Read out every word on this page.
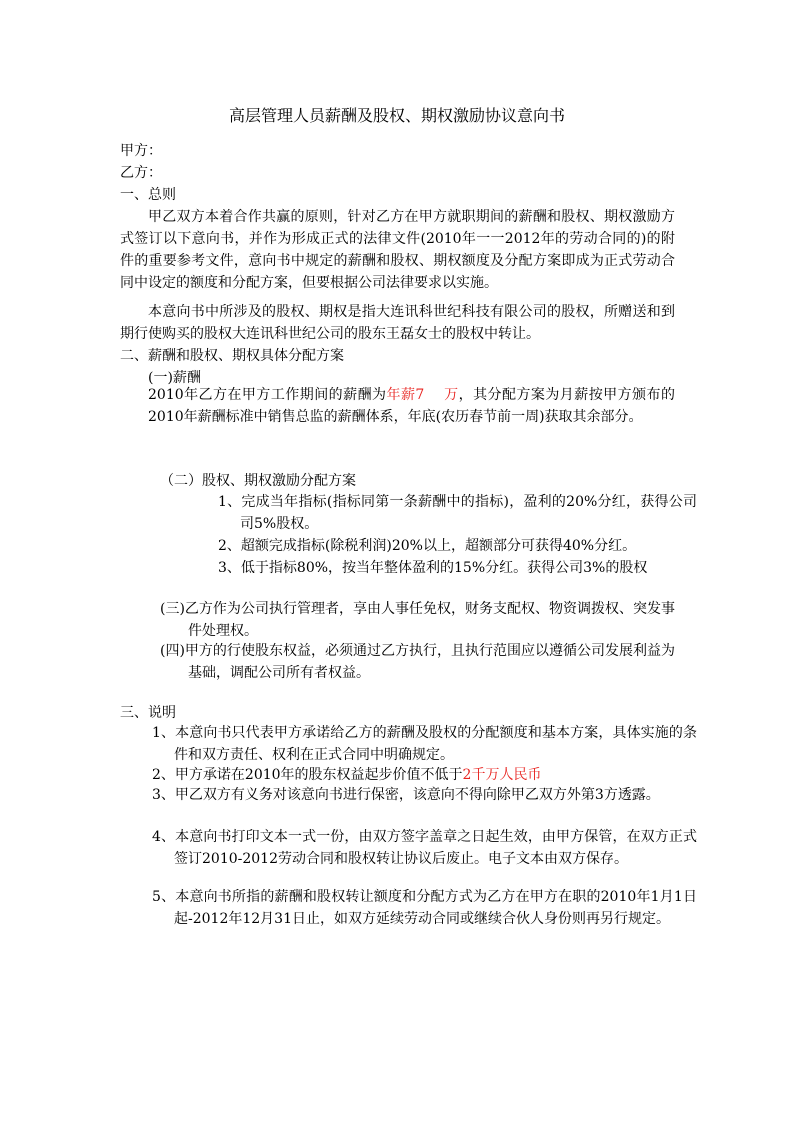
高层管理人员薪酬及股权、期权激励协议意向书
甲方：
乙方：
一、总则
甲乙双方本着合作共赢的原则，针对乙方在甲方就职期间的薪酬和股权、期权激励方式签订以下意向书，并作为形成正式的法律文件(2010年一一2012年的劳动合同的)的附件的重要参考文件，意向书中规定的薪酬和股权、期权额度及分配方案即成为正式劳动合同中设定的额度和分配方案，但要根据公司法律要求以实施。
本意向书中所涉及的股权、期权是指大连讯科世纪科技有限公司的股权，所赠送和到期行使购买的股权大连讯科世纪公司的股东王磊女士的股权中转让。
二、薪酬和股权、期权具体分配方案
(一)薪酬
2010年乙方在甲方工作期间的薪酬为年薪7　 万，其分配方案为月薪按甲方颁布的2010年薪酬标准中销售总监的薪酬体系，年底(农历春节前一周)获取其余部分。
（二）股权、期权激励分配方案
1、完成当年指标(指标同第一条薪酬中的指标)，盈利的20%分红，获得公司司5%股权。
2、超额完成指标(除税利润)20%以上，超额部分可获得40%分红。
3、低于指标80%，按当年整体盈利的15%分红。获得公司3%的股权
(三)乙方作为公司执行管理者，享由人事任免权，财务支配权、物资调拨权、突发事件处理权。
(四)甲方的行使股东权益，必须通过乙方执行，且执行范围应以遵循公司发展利益为基础，调配公司所有者权益。
三、说明
1、本意向书只代表甲方承诺给乙方的薪酬及股权的分配额度和基本方案，具体实施的条件和双方责任、权利在正式合同中明确规定。
2、甲方承诺在2010年的股东权益起步价值不低于2千万人民币
3、甲乙双方有义务对该意向书进行保密，该意向不得向除甲乙双方外第3方透露。
4、本意向书打印文本一式一份，由双方签字盖章之日起生效，由甲方保管，在双方正式签订2010-2012劳动合同和股权转让协议后废止。电子文本由双方保存。
5、本意向书所指的薪酬和股权转让额度和分配方式为乙方在甲方在职的2010年1月1日起-2012年12月31日止，如双方延续劳动合同或继续合伙人身份则再另行规定。
